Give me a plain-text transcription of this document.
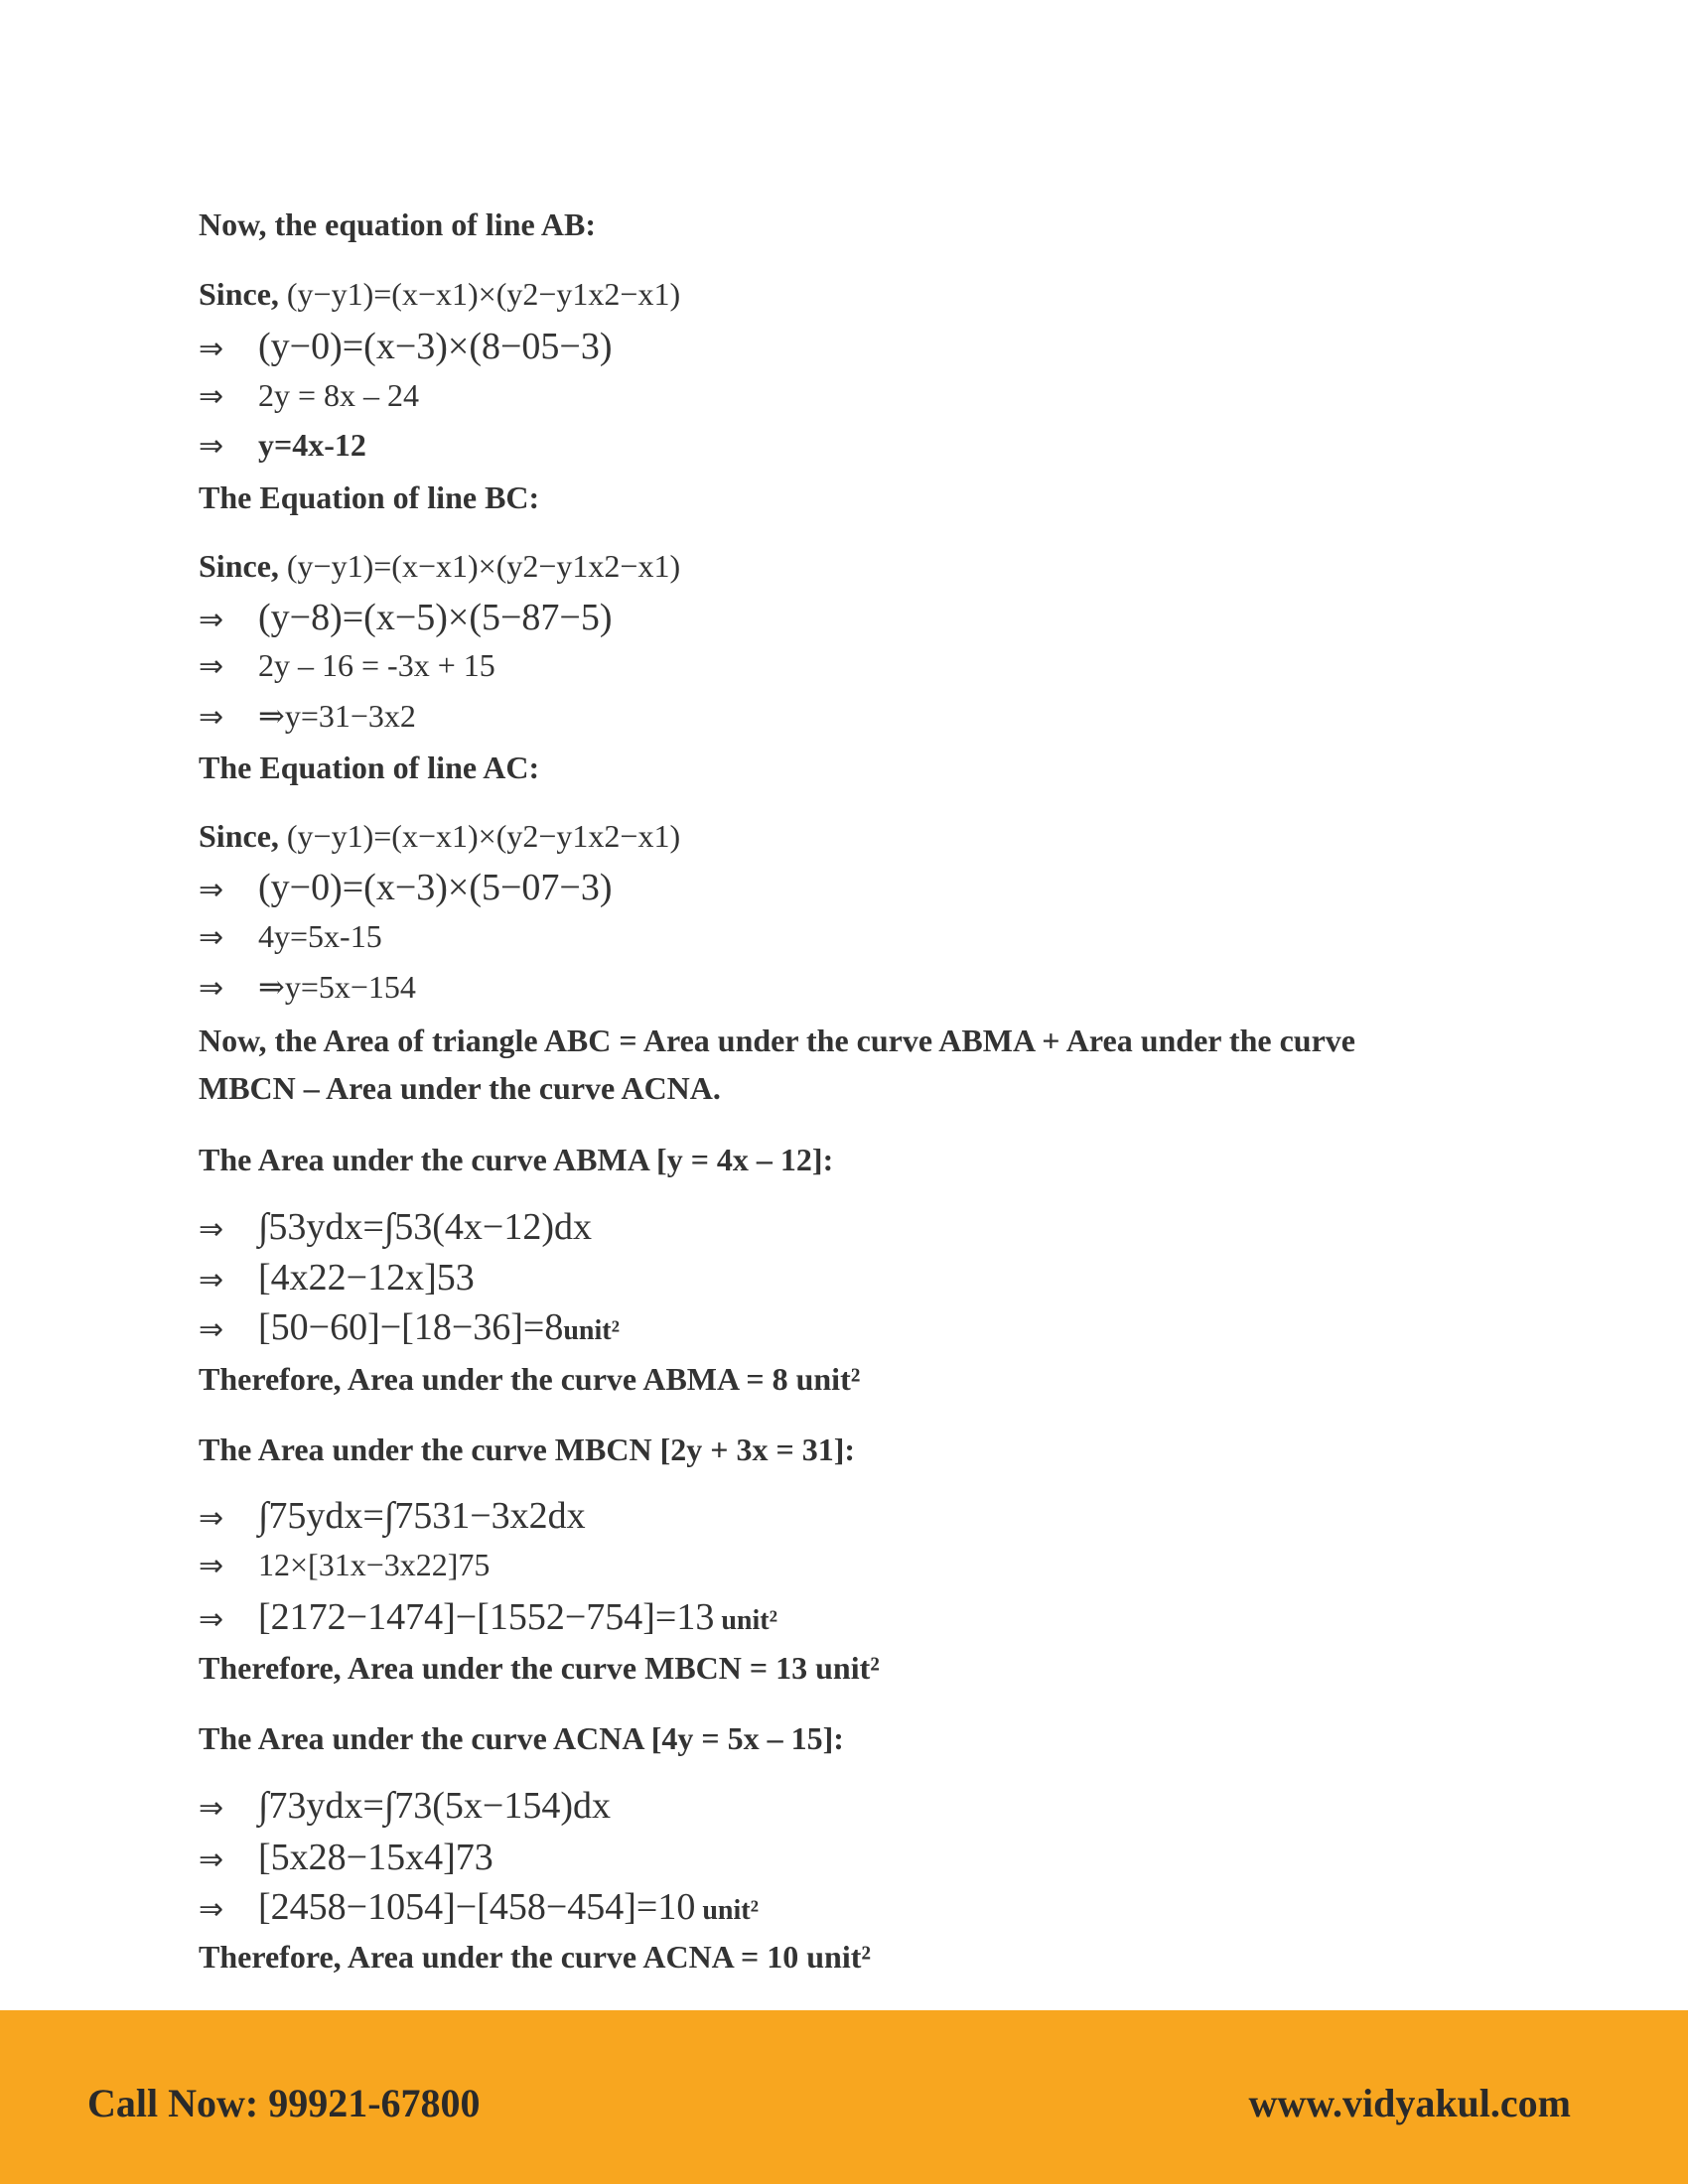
Now, the equation of line AB:
Since, (y−y1)=(x−x1)×(y2−y1x2−x1)
⇒ (y−0)=(x−3)×(8−05−3)
⇒ 2y = 8x – 24
⇒ y=4x-12
The Equation of line BC:
Since, (y−y1)=(x−x1)×(y2−y1x2−x1)
⇒ (y−8)=(x−5)×(5−87−5)
⇒ 2y – 16 = -3x + 15
⇒ ⇒y=31−3x2
The Equation of line AC:
Since, (y−y1)=(x−x1)×(y2−y1x2−x1)
⇒ (y−0)=(x−3)×(5−07−3)
⇒ 4y=5x-15
⇒ ⇒y=5x−154
Now, the Area of triangle ABC = Area under the curve ABMA + Area under the curve
MBCN – Area under the curve ACNA.
The Area under the curve ABMA [y = 4x – 12]:
⇒ ∫53ydx=∫53(4x−12)dx
⇒ [4x22−12x]53
⇒ [50−60]−[18−36]=8unit²
Therefore, Area under the curve ABMA = 8 unit²
The Area under the curve MBCN [2y + 3x = 31]:
⇒ ∫75ydx=∫7531−3x2dx
⇒ 12×[31x−3x22]75
⇒ [2172−1474]−[1552−754]=13 unit²
Therefore, Area under the curve MBCN = 13 unit²
The Area under the curve ACNA [4y = 5x – 15]:
⇒ ∫73ydx=∫73(5x−154)dx
⇒ [5x28−15x4]73
⇒ [2458−1054]−[458−454]=10 unit²
Therefore, Area under the curve ACNA = 10 unit²
Call Now: 99921-67800	www.vidyakul.com
